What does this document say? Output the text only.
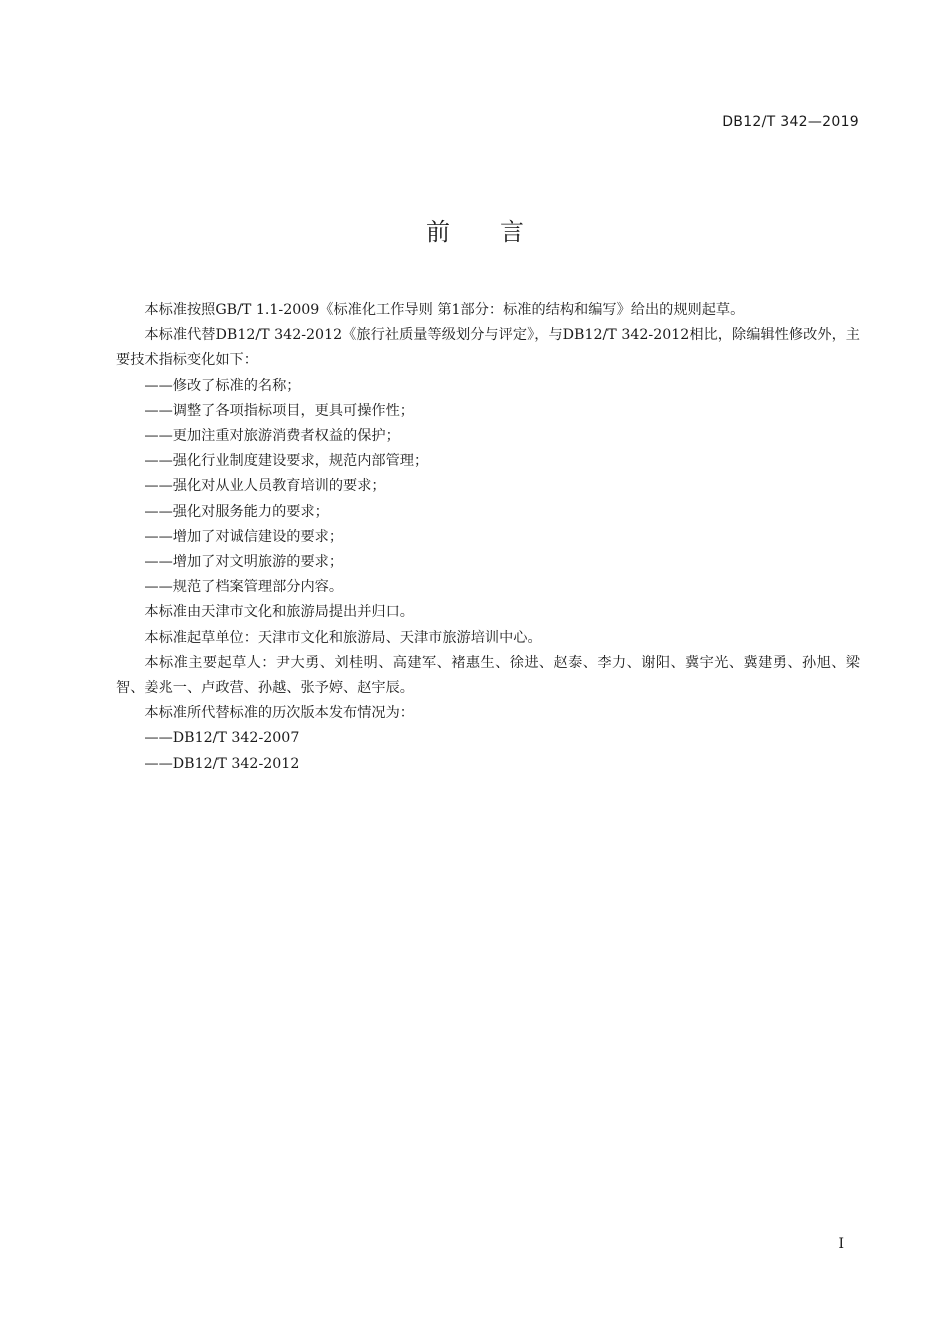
DB12/T 342—2019
前言

本标准按照GB/T 1.1-2009《标准化工作导则 第1部分：标准的结构和编写》给出的规则起草。

本标准代替DB12/T 342-2012《旅行社质量等级划分与评定》，与DB12/T 342-2012相比，除编辑性修改外，主要技术指标变化如下：

——修改了标准的名称；

——调整了各项指标项目，更具可操作性；

——更加注重对旅游消费者权益的保护；

——强化行业制度建设要求，规范内部管理；

——强化对从业人员教育培训的要求；

——强化对服务能力的要求；

——增加了对诚信建设的要求；

——增加了对文明旅游的要求；

——规范了档案管理部分内容。

本标准由天津市文化和旅游局提出并归口。

本标准起草单位：天津市文化和旅游局、天津市旅游培训中心。

本标准主要起草人：尹大勇、刘桂明、高建军、褚惠生、徐进、赵泰、李力、谢阳、冀宇光、冀建勇、孙旭、梁智、姜兆一、卢政营、孙越、张予婷、赵宇辰。

本标准所代替标准的历次版本发布情况为：

——DB12/T 342-2007

——DB12/T 342-2012

I
